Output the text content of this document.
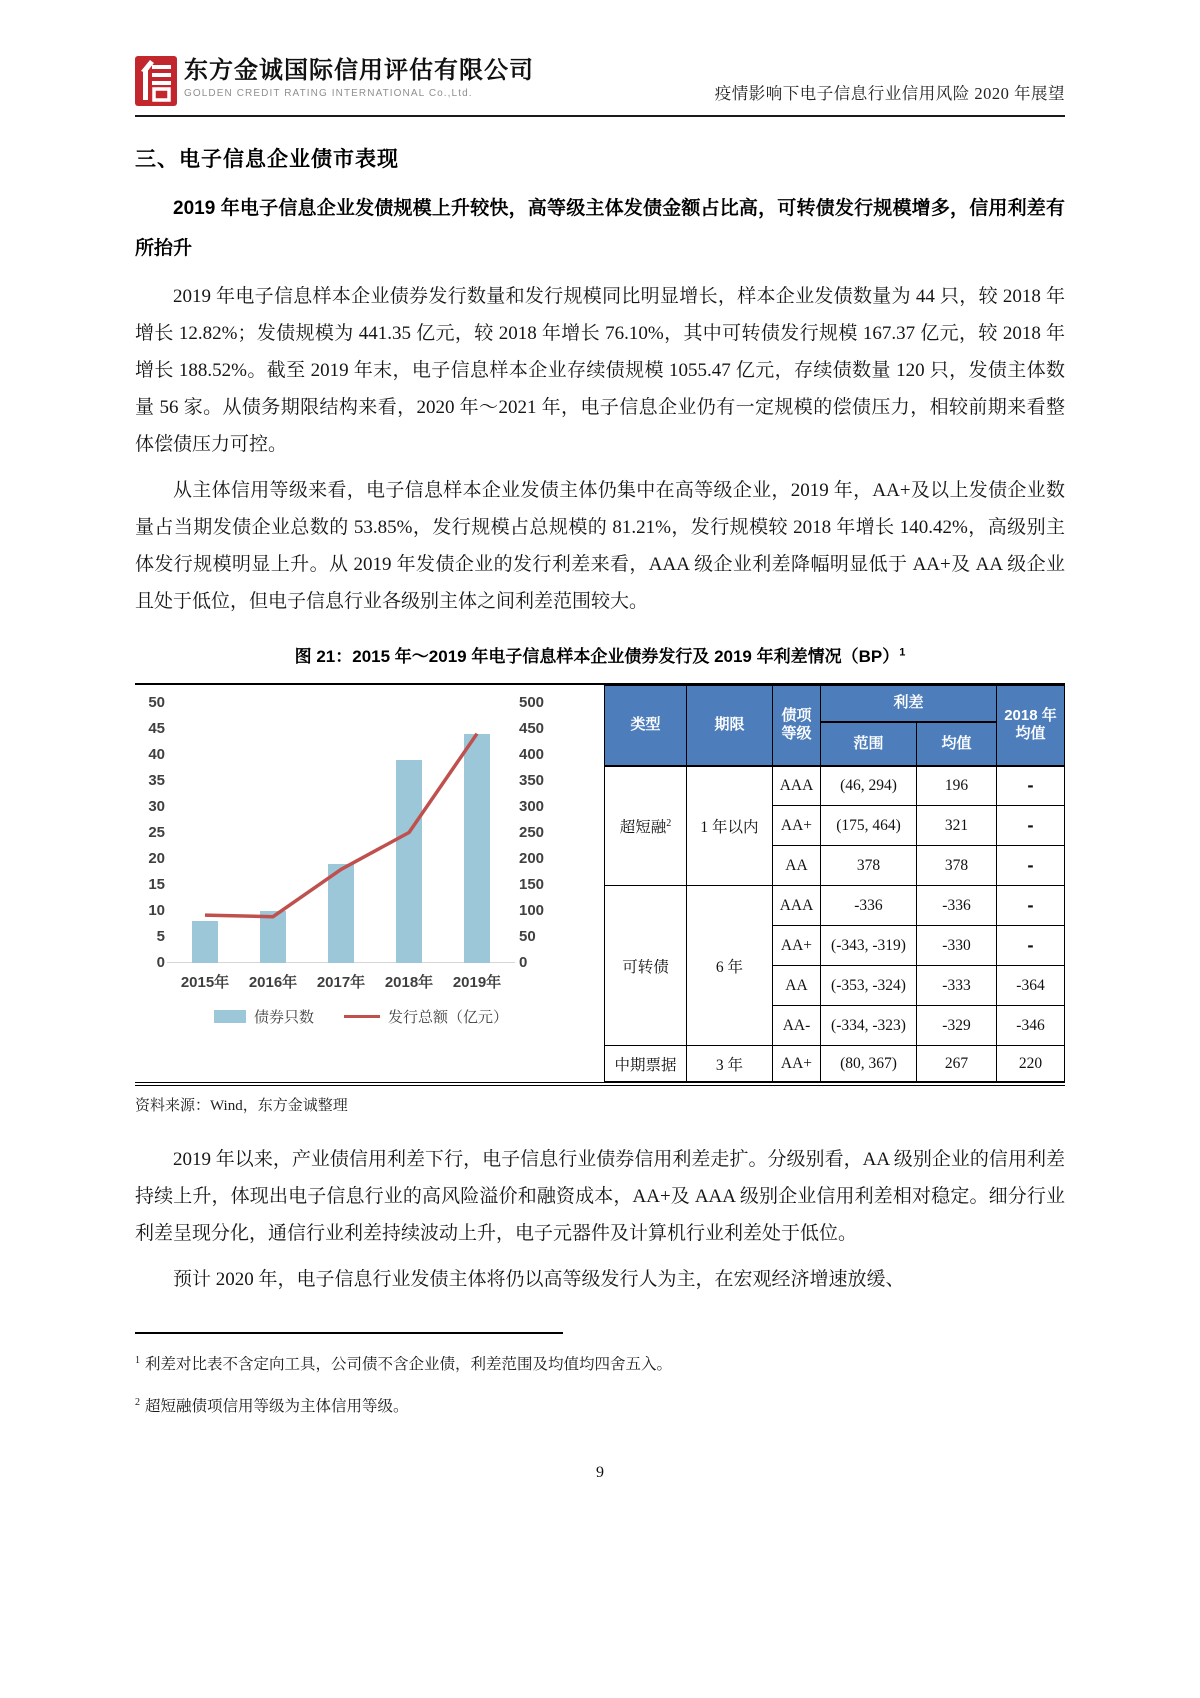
东方金诚国际信用评估有限公司
GOLDEN CREDIT RATING INTERNATIONAL Co.,Ltd.	疫情影响下电子信息行业信用风险 2020 年展望
三、电子信息企业债市表现

2019 年电子信息企业发债规模上升较快，高等级主体发债金额占比高，可转债发行规模增多，信用利差有所抬升

2019 年电子信息样本企业债券发行数量和发行规模同比明显增长，样本企业发债数量为 44 只，较 2018 年增长 12.82%；发债规模为 441.35 亿元，较 2018 年增长 76.10%，其中可转债发行规模 167.37 亿元，较 2018 年增长 188.52%。截至 2019 年末，电子信息样本企业存续债规模 1055.47 亿元，存续债数量 120 只，发债主体数量 56 家。从债务期限结构来看，2020 年～2021 年，电子信息企业仍有一定规模的偿债压力，相较前期来看整体偿债压力可控。

从主体信用等级来看，电子信息样本企业发债主体仍集中在高等级企业，2019 年，AA+及以上发债企业数量占当期发债企业总数的 53.85%，发行规模占总规模的 81.21%，发行规模较 2018 年增长 140.42%，高级别主体发行规模明显上升。从 2019 年发债企业的发行利差来看，AAA 级企业利差降幅明显低于 AA+及 AA 级企业且处于低位，但电子信息行业各级别主体之间利差范围较大。

图 21：2015 年～2019 年电子信息样本企业债券发行及 2019 年利差情况（BP）$^1$
0
5
10
15
20
25
30
35
40
45
50
0
50
100
150
200
250
300
350
400
450
500
2015年	2016年	2017年	2018年	2019年
债券只数	发行总额（亿元）
类型	期限	债项等级	利差		2018 年均值
			范围	均值	
超短融$^2$	1 年以内	AAA	(46, 294)	196	-
		AA+	(175, 464)	321	-
		AA	378	378	-
可转债	6 年	AAA	-336	-336	-
		AA+	(-343, -319)	-330	-
		AA	(-353, -324)	-333	-364
		AA-	(-334, -323)	-329	-346
中期票据	3 年	AA+	(80, 367)	267	220
资料来源：Wind，东方金诚整理

2019 年以来，产业债信用利差下行，电子信息行业债券信用利差走扩。分级别看，AA 级别企业的信用利差持续上升，体现出电子信息行业的高风险溢价和融资成本，AA+及 AAA 级别企业信用利差相对稳定。细分行业利差呈现分化，通信行业利差持续波动上升，电子元器件及计算机行业利差处于低位。

预计 2020 年，电子信息行业发债主体将仍以高等级发行人为主，在宏观经济增速放缓、

$^1$ 利差对比表不含定向工具，公司债不含企业债，利差范围及均值均四舍五入。
$^2$ 超短融债项信用等级为主体信用等级。
9
